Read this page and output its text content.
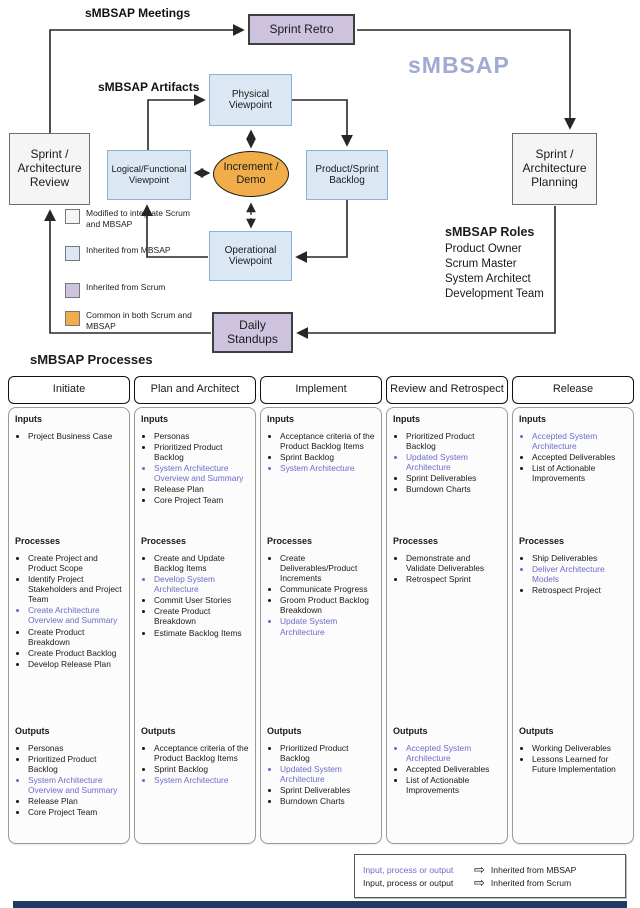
sMBSAP Meetings
sMBSAP Artifacts
sMBSAP
Sprint Retro
Physical Viewpoint
Sprint / Architecture Review
Logical/Functional Viewpoint
Increment / Demo
Product/Sprint Backlog
Sprint / Architecture Planning
Operational Viewpoint
Daily Standups
Modified to integrate Scrum and MBSAP
Inherited from MBSAP
Inherited from Scrum
Common in both Scrum and MBSAP
sMBSAP Roles
Product Owner
Scrum Master
System Architect
Development Team
sMBSAP Processes
Initiate
Inputs
• Project Business Case
Processes
• Create Project and Product Scope
• Identify Project Stakeholders and Project Team
• Create Architecture Overview and Summary
• Create Product Breakdown
• Create Product Backlog
• Develop Release Plan
Outputs
• Personas
• Prioritized Product Backlog
• System Architecture Overview and Summary
• Release Plan
• Core Project Team
Plan and Architect
Inputs
• Personas
• Prioritized Product Backlog
• System Architecture Overview and Summary
• Release Plan
• Core Project Team
Processes
• Create and Update Backlog Items
• Develop System Architecture
• Commit User Stories
• Create Product Breakdown
• Estimate Backlog Items
Outputs
• Acceptance criteria of the Product Backlog Items
• Sprint Backlog
• System Architecture
Implement
Inputs
• Acceptance criteria of the Product Backlog Items
• Sprint Backlog
• System Architecture
Processes
• Create Deliverables/Product Increments
• Communicate Progress
• Groom Product Backlog Breakdown
• Update System Architecture
Outputs
• Prioritized Product Backlog
• Updated System Architecture
• Sprint Deliverables
• Burndown Charts
Review and Retrospect
Inputs
• Prioritized Product Backlog
• Updated System Architecture
• Sprint Deliverables
• Burndown Charts
Processes
• Demonstrate and Validate Deliverables
• Retrospect Sprint
Outputs
• Accepted System Architecture
• Accepted Deliverables
• List of Actionable Improvements
Release
Inputs
• Accepted System Architecture
• Accepted Deliverables
• List of Actionable Improvements
Processes
• Ship Deliverables
• Deliver Architecture Models
• Retrospect Project
Outputs
• Working Deliverables
• Lessons Learned for Future Implementation
Input, process or output	⇨ Inherited from MBSAP
Input, process or output	⇨ Inherited from Scrum
